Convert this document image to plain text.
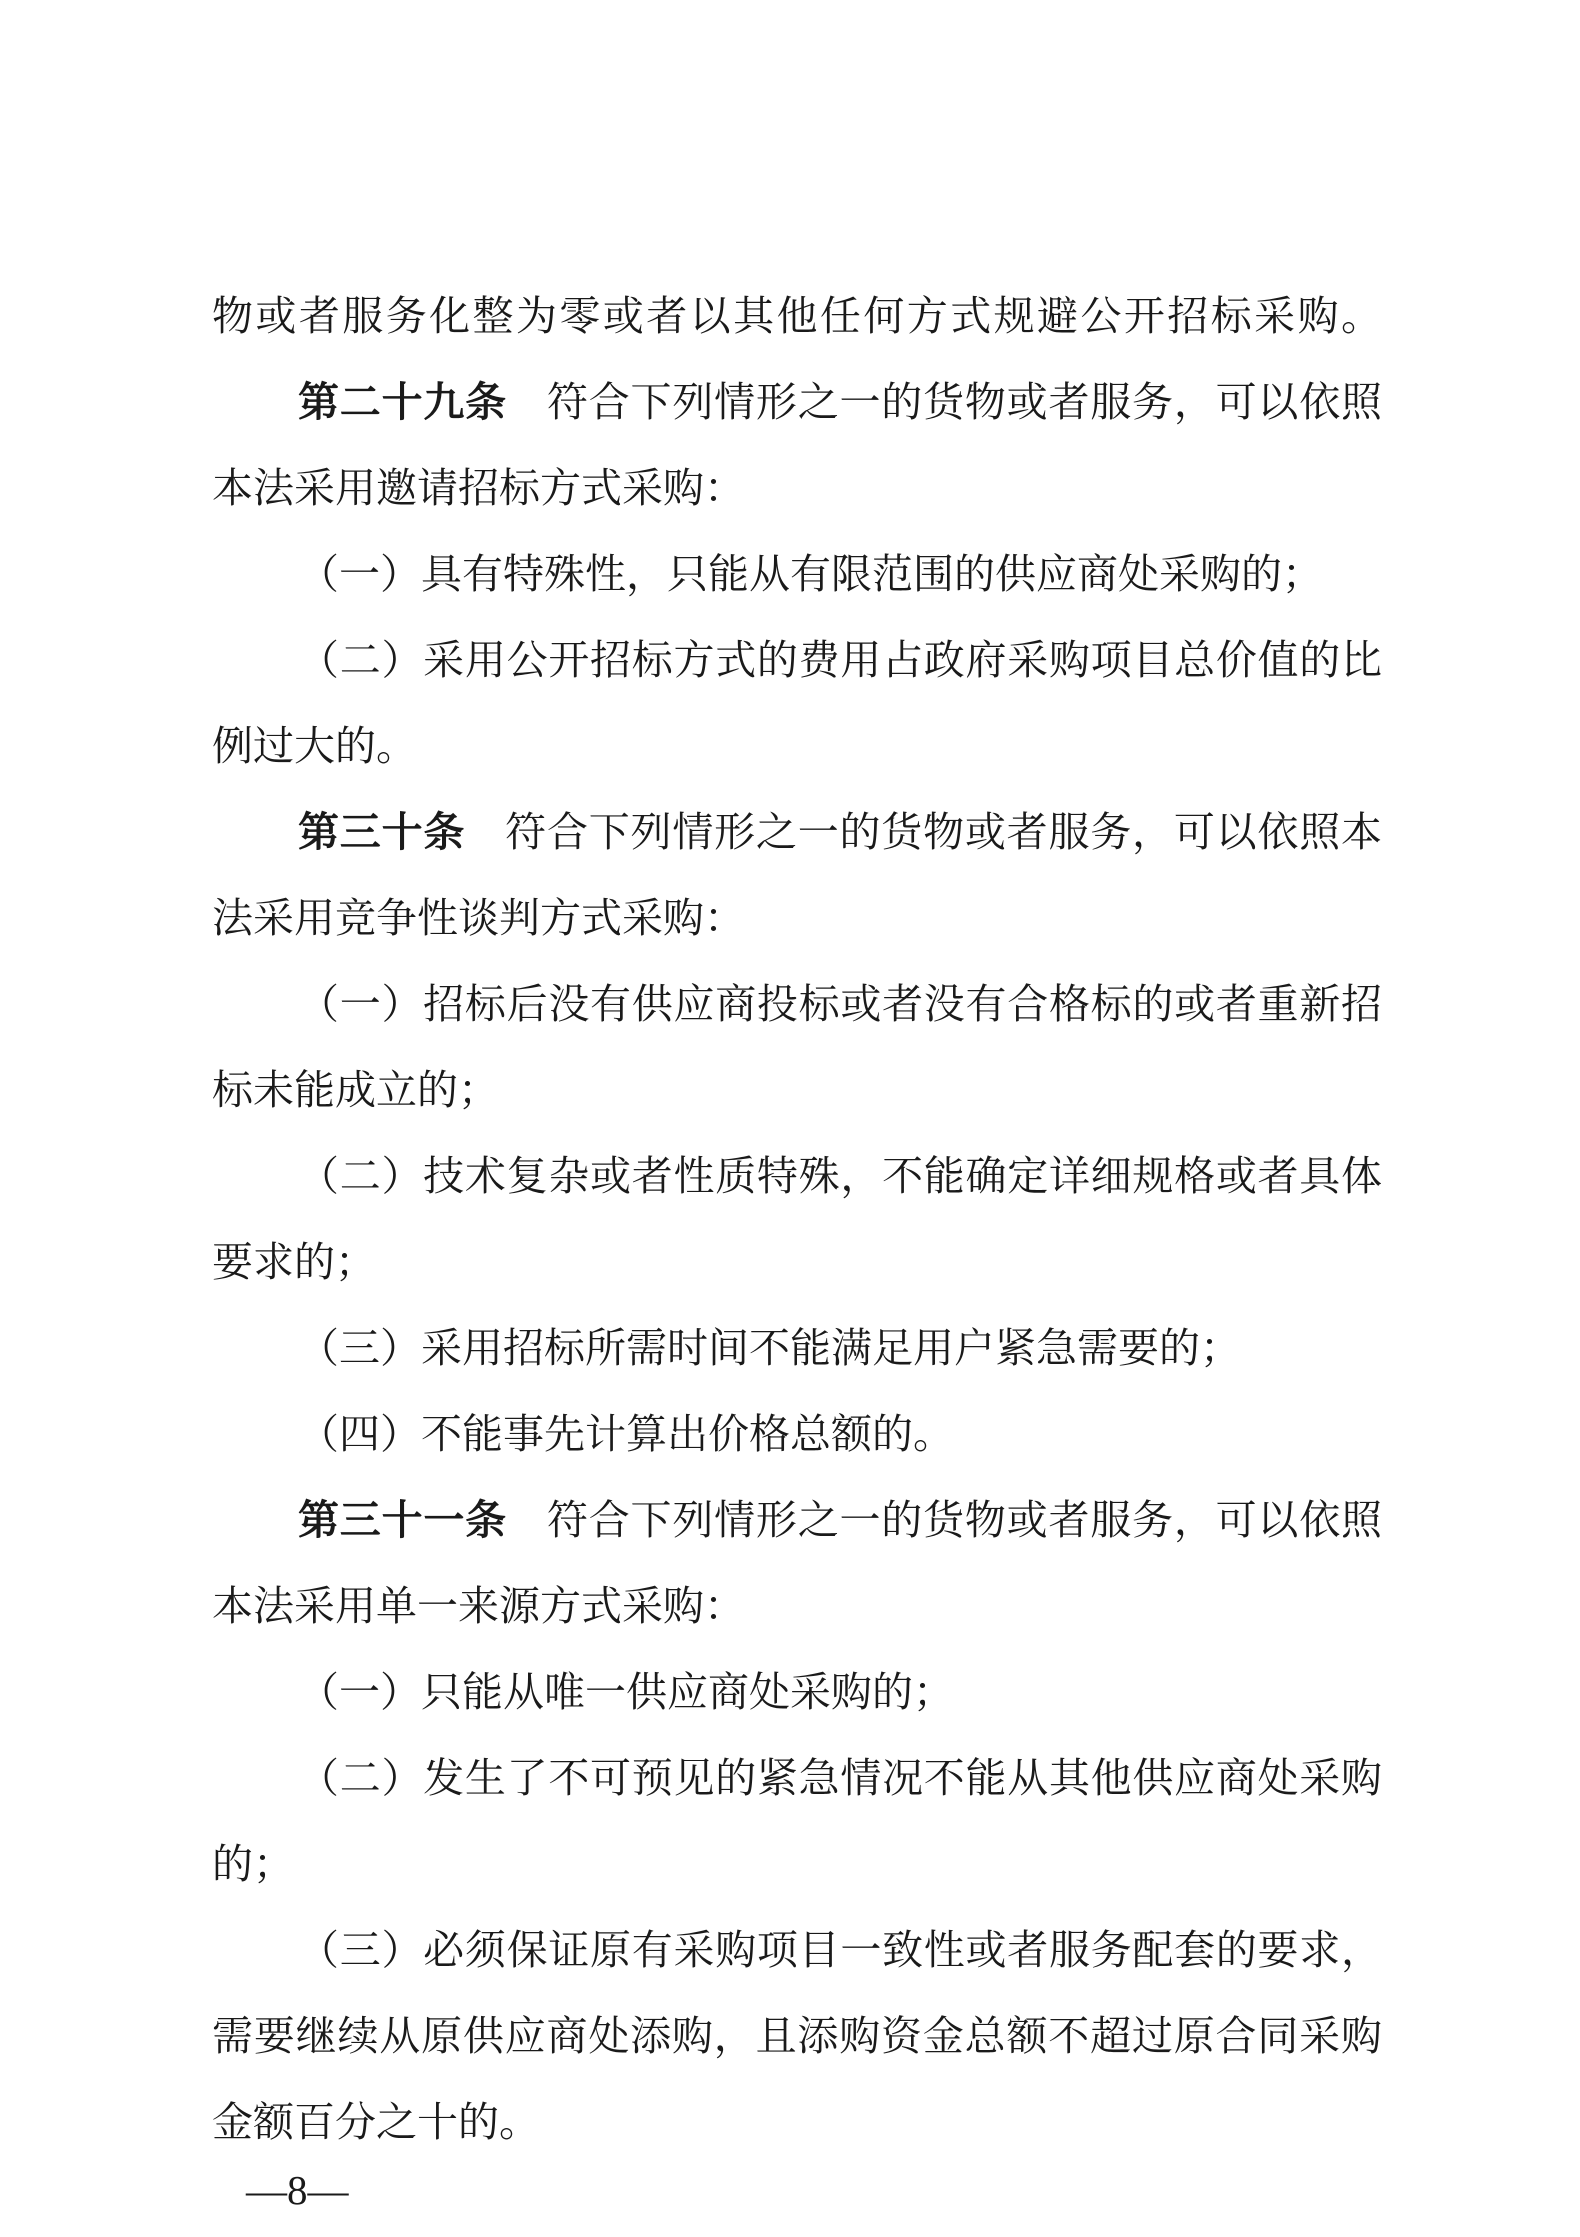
物或者服务化整为零或者以其他任何方式规避公开招标采购。
第二十九条 符合下列情形之一的货物或者服务，可以依照
本法采用邀请招标方式采购：
（一）具有特殊性，只能从有限范围的供应商处采购的；
（二）采用公开招标方式的费用占政府采购项目总价值的比
例过大的。
第三十条 符合下列情形之一的货物或者服务，可以依照本
法采用竞争性谈判方式采购：
（一）招标后没有供应商投标或者没有合格标的或者重新招
标未能成立的；
（二）技术复杂或者性质特殊，不能确定详细规格或者具体
要求的；
（三）采用招标所需时间不能满足用户紧急需要的；
（四）不能事先计算出价格总额的。
第三十一条 符合下列情形之一的货物或者服务，可以依照
本法采用单一来源方式采购：
（一）只能从唯一供应商处采购的；
（二）发生了不可预见的紧急情况不能从其他供应商处采购
的；
（三）必须保证原有采购项目一致性或者服务配套的要求，
需要继续从原供应商处添购，且添购资金总额不超过原合同采购
金额百分之十的。
—8—
